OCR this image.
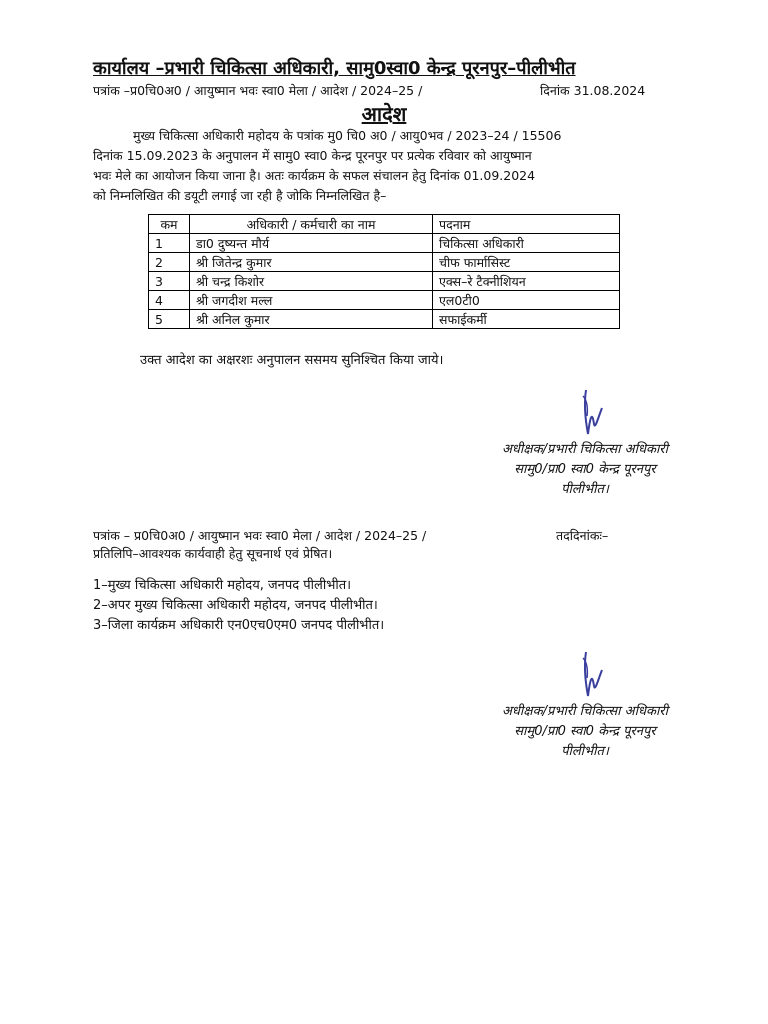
कार्यालय –प्रभारी चिकित्सा अधिकारी, सामु0स्वा0 केन्द्र पूरनपुर–पीलीभीत
पत्रांक –प्र0चि0अ0 / आयुष्मान भवः स्वा0 मेला / आदेश / 2024–25 /	दिनांक 31.08.2024
आदेश

मुख्य चिकित्सा अधिकारी महोदय के पत्रांक मु0 चि0 अ0 / आयु0भव / 2023–24 / 15506

दिनांक 15.09.2023 के अनुपालन में सामु0 स्वा0 केन्द्र पूरनपुर पर प्रत्येक रविवार को आयुष्मान

भवः मेले का आयोजन किया जाना है। अतः कार्यक्रम के सफल संचालन हेतु दिनांक 01.09.2024

को निम्नलिखित की डयूटी लगाई जा रही है जोकि निम्नलिखित है–

कम	अधिकारी / कर्मचारी का नाम	पदनाम
1	डा0 दुष्यन्त मौर्य	चिकित्सा अधिकारी
2	श्री जितेन्द्र कुमार	चीफ फार्मासिस्ट
3	श्री चन्द्र किशोर	एक्स–रे टैक्नीशियन
4	श्री जगदीश मल्ल	एल0टी0
5	श्री अनिल कुमार	सफाईकर्मी
उक्त आदेश का अक्षरशः अनुपालन ससमय सुनिश्चित किया जाये।
अधीक्षक/प्रभारी चिकित्सा अधिकारी
सामु0/प्रा0 स्वा0 केन्द्र पूरनपुर
पीलीभीत।
पत्रांक – प्र0चि0अ0 / आयुष्मान भवः स्वा0 मेला / आदेश / 2024–25 /	तददिनांकः–
प्रतिलिपि–आवश्यक कार्यवाही हेतु सूचनार्थ एवं प्रेषित।
1–मुख्य चिकित्सा अधिकारी महोदय, जनपद पीलीभीत।
2–अपर मुख्य चिकित्सा अधिकारी महोदय, जनपद पीलीभीत।
3–जिला कार्यक्रम अधिकारी एन0एच0एम0 जनपद पीलीभीत।
अधीक्षक/प्रभारी चिकित्सा अधिकारी
सामु0/प्रा0 स्वा0 केन्द्र पूरनपुर
पीलीभीत।
